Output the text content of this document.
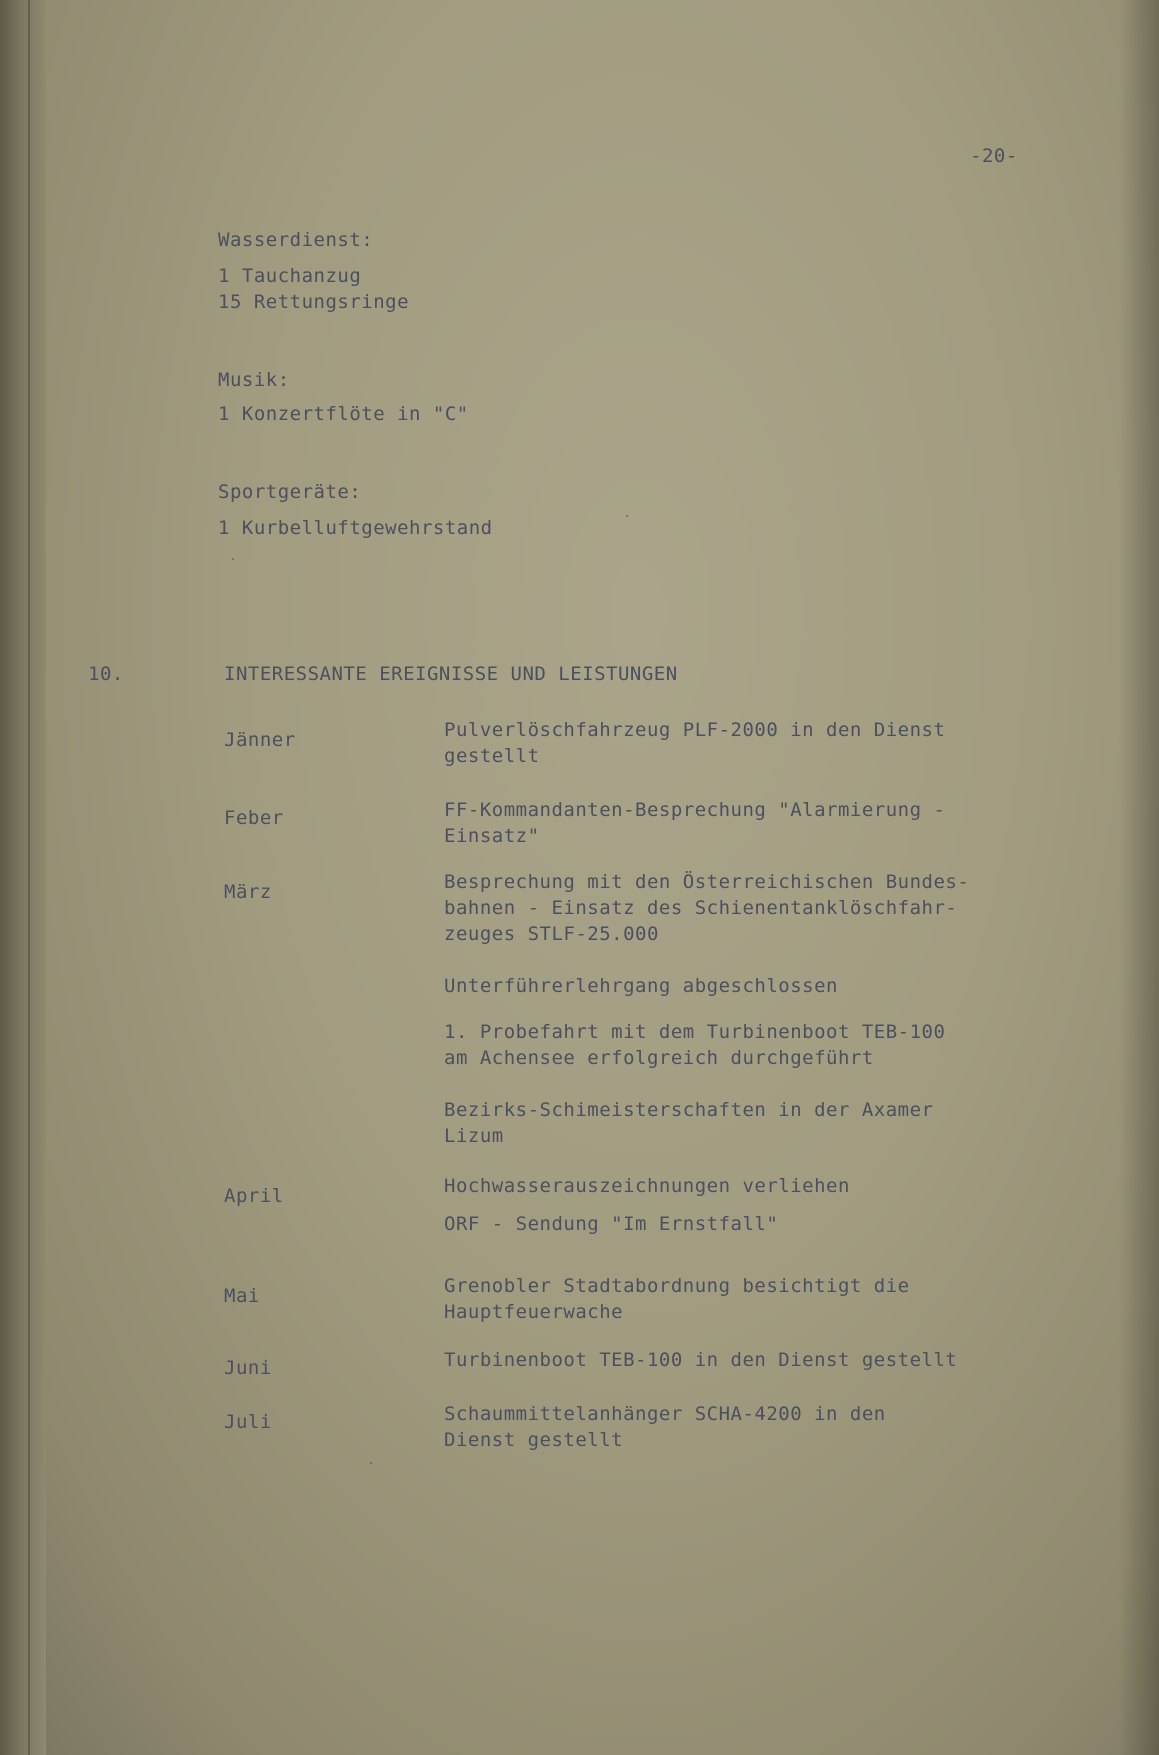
-20-
Wasserdienst:
1 Tauchanzug
15 Rettungsringe
Musik:
1 Konzertflöte in "C"
Sportgeräte:
1 Kurbelluftgewehrstand
10.	INTERESSANTE EREIGNISSE UND LEISTUNGEN
Jänner	Pulverlöschfahrzeug PLF-2000 in den Dienst
gestellt
Feber	FF-Kommandanten-Besprechung "Alarmierung -
Einsatz"
März	Besprechung mit den Österreichischen Bundes-
bahnen - Einsatz des Schienentanklöschfahr-
zeuges STLF-25.000
Unterführerlehrgang abgeschlossen
1. Probefahrt mit dem Turbinenboot TEB-100
am Achensee erfolgreich durchgeführt
Bezirks-Schimeisterschaften in der Axamer
Lizum
April	Hochwasserauszeichnungen verliehen
ORF - Sendung "Im Ernstfall"
Mai	Grenobler Stadtabordnung besichtigt die
Hauptfeuerwache
Juni	Turbinenboot TEB-100 in den Dienst gestellt
Juli	Schaummittelanhänger SCHA-4200 in den
Dienst gestellt
